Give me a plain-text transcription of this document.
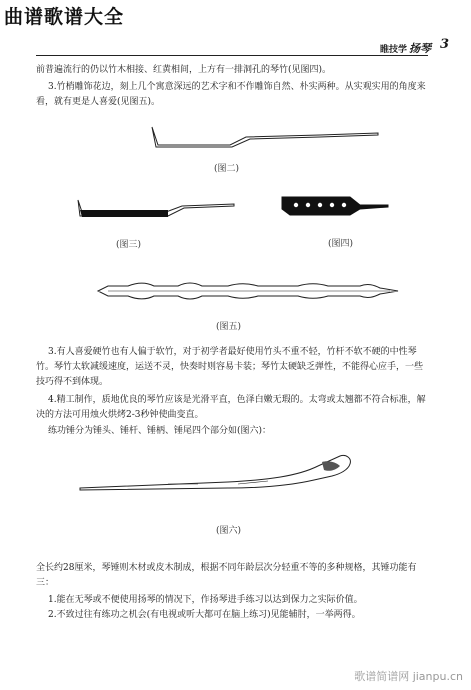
曲谱歌谱大全
睢技学 扬琴 3

前普遍流行的仍以竹木相接、红黄相间，上方有一排洞孔的琴竹(见图四)。

3.竹梢雕饰花边，刻上几个寓意深远的艺术字和不作雕饰自然、朴实两种。从实观实用的角度来看，就有更是人喜爱(见图五)。

(图二)
(图三)	(图四)
(图五)

3.有人喜爱硬竹也有人偏于软竹，对于初学者最好使用竹头不重不轻，竹杆不软不硬的中性琴竹。琴竹太软减缓速度，运送不灵，快奏时则容易卡装；琴竹太硬缺乏弹性，不能得心应手，一些技巧得不到体现。

4.精工制作，质地优良的琴竹应该是光滑平直，色泽白嫩无瑕的。太弯或太翘都不符合标准，解决的方法可用烛火烘烤2-3秒钟使曲变直。

练功锤分为锤头、锤杆、锤柄、锤尾四个部分如(图六)：

(图六)

全长约28厘米，琴锤则木材或皮木制成，根据不同年龄层次分轻重不等的多种规格，其锤功能有三：

1.能在无琴或不便使用扬琴的情况下，作扬琴进手练习以达到保力之实际价值。

2.不致过往有练功之机会(有电视或听大都可在脑上练习)见能辅肘，一举两得。

歌谱简谱网 jianpu.cn
